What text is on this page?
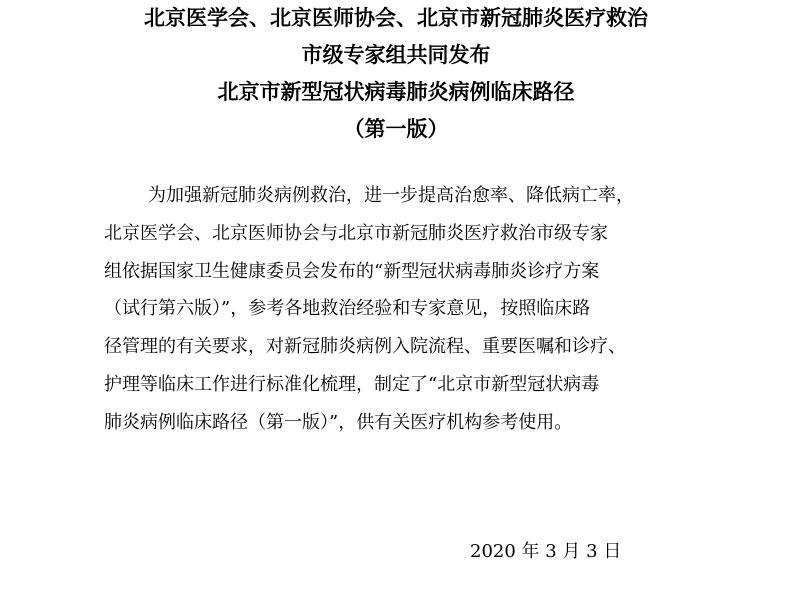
北京医学会、北京医师协会、北京市新冠肺炎医疗救治
市级专家组共同发布
北京市新型冠状病毒肺炎病例临床路径
（第一版）
为加强新冠肺炎病例救治，进一步提高治愈率、降低病亡率，
北京医学会、北京医师协会与北京市新冠肺炎医疗救治市级专家
组依据国家卫生健康委员会发布的“新型冠状病毒肺炎诊疗方案
（试行第六版）”，参考各地救治经验和专家意见，按照临床路
径管理的有关要求，对新冠肺炎病例入院流程、重要医嘱和诊疗、
护理等临床工作进行标准化梳理，制定了“北京市新型冠状病毒
肺炎病例临床路径（第一版）”，供有关医疗机构参考使用。
2020 年 3 月 3 日
